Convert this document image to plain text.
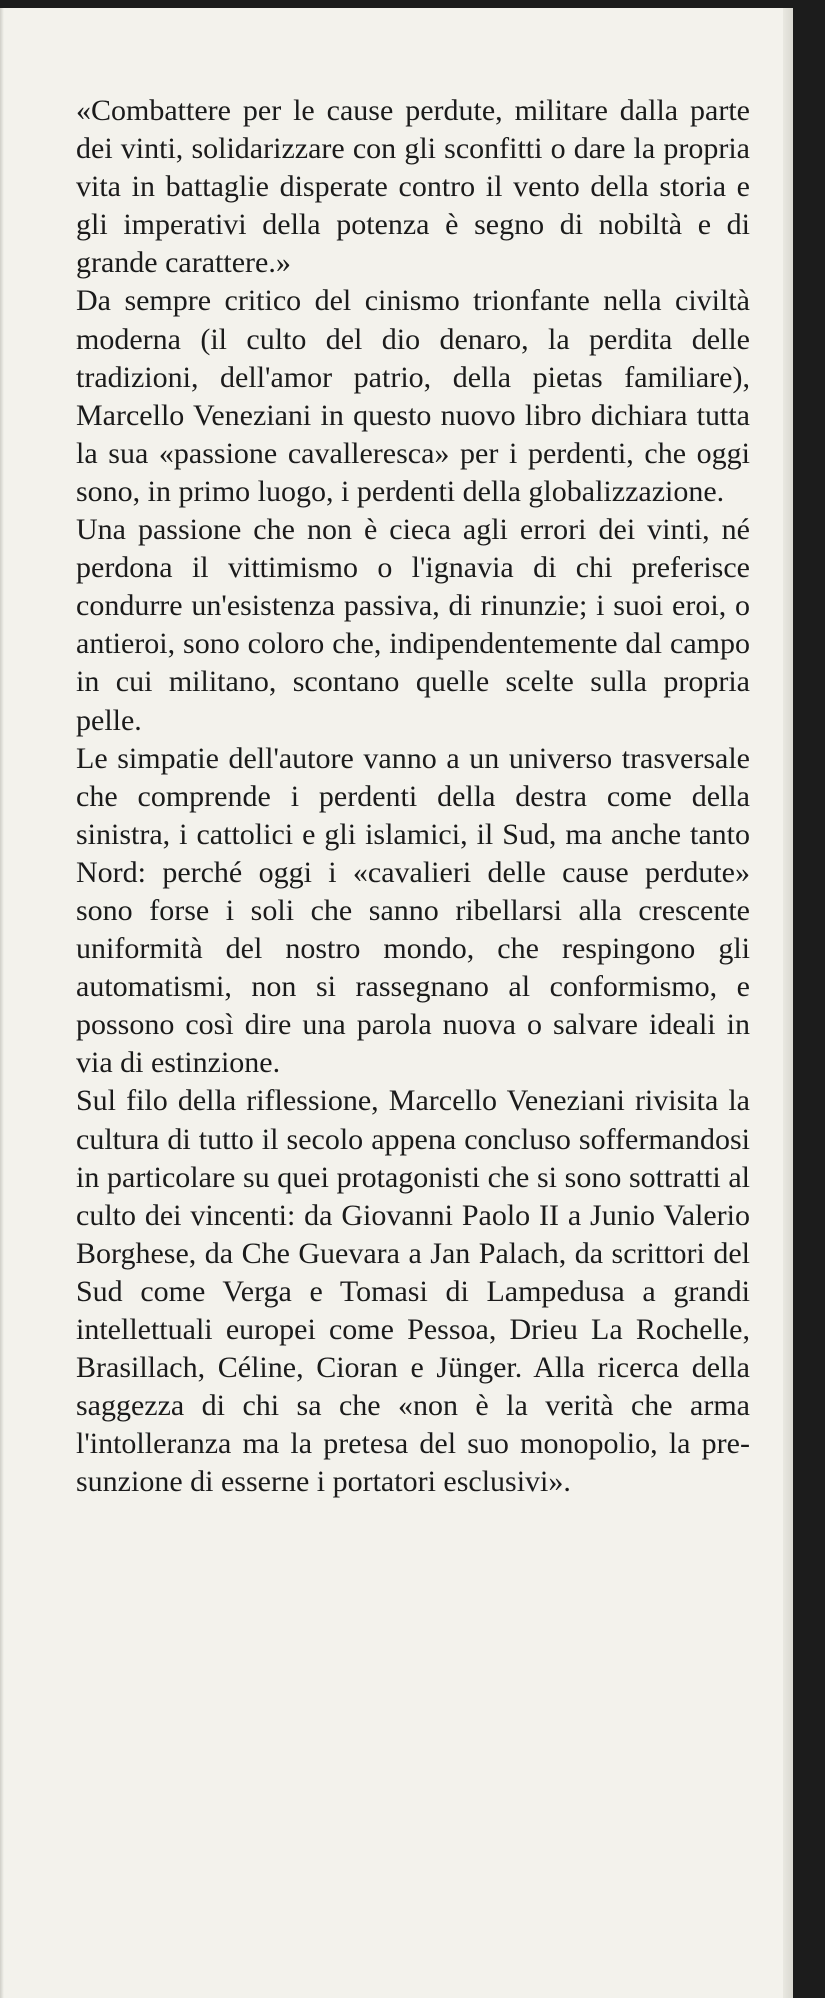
«Combattere per le cause perdute, militare dalla parte dei vinti, solidarizzare con gli sconfitti o dare la propria vita in battaglie disperate contro il vento della storia e gli imperativi della potenza è segno di nobiltà e di grande carattere.»

Da sempre critico del cinismo trionfante nella civiltà moderna (il culto del dio denaro, la perdita delle tradizioni, dell'amor patrio, della pietas familiare), Marcello Veneziani in questo nuovo libro dichiara tutta la sua «passione cavalleresca» per i perdenti, che oggi sono, in primo luogo, i perdenti della globalizzazione.

Una passione che non è cieca agli errori dei vinti, né perdona il vittimismo o l'ignavia di chi preferisce condurre un'esistenza passiva, di rinunzie; i suoi eroi, o antieroi, sono coloro che, indipendentemente dal campo in cui militano, scontano quelle scelte sulla propria pelle.

Le simpatie dell'autore vanno a un universo trasversale che comprende i perdenti della destra come della sinistra, i cattolici e gli islamici, il Sud, ma anche tanto Nord: perché oggi i «cavalieri delle cause perdute» sono forse i soli che sanno ribellarsi alla crescente uniformità del nostro mondo, che respingono gli automatismi, non si rassegnano al conformismo, e possono così dire una parola nuova o salvare ideali in via di estinzione.

Sul filo della riflessione, Marcello Veneziani rivisita la cultura di tutto il secolo appena concluso soffermandosi in particolare su quei protagonisti che si sono sottratti al culto dei vincenti: da Giovanni Paolo II a Junio Valerio Borghese, da Che Guevara a Jan Palach, da scrittori del Sud come Verga e Tomasi di Lampedusa a grandi intellettuali europei come Pessoa, Drieu La Rochelle, Brasillach, Céline, Cioran e Jünger. Alla ricerca della saggezza di chi sa che «non è la verità che arma l'intolleranza ma la pretesa del suo monopolio, la presunzione di esserne i portatori esclusivi».
